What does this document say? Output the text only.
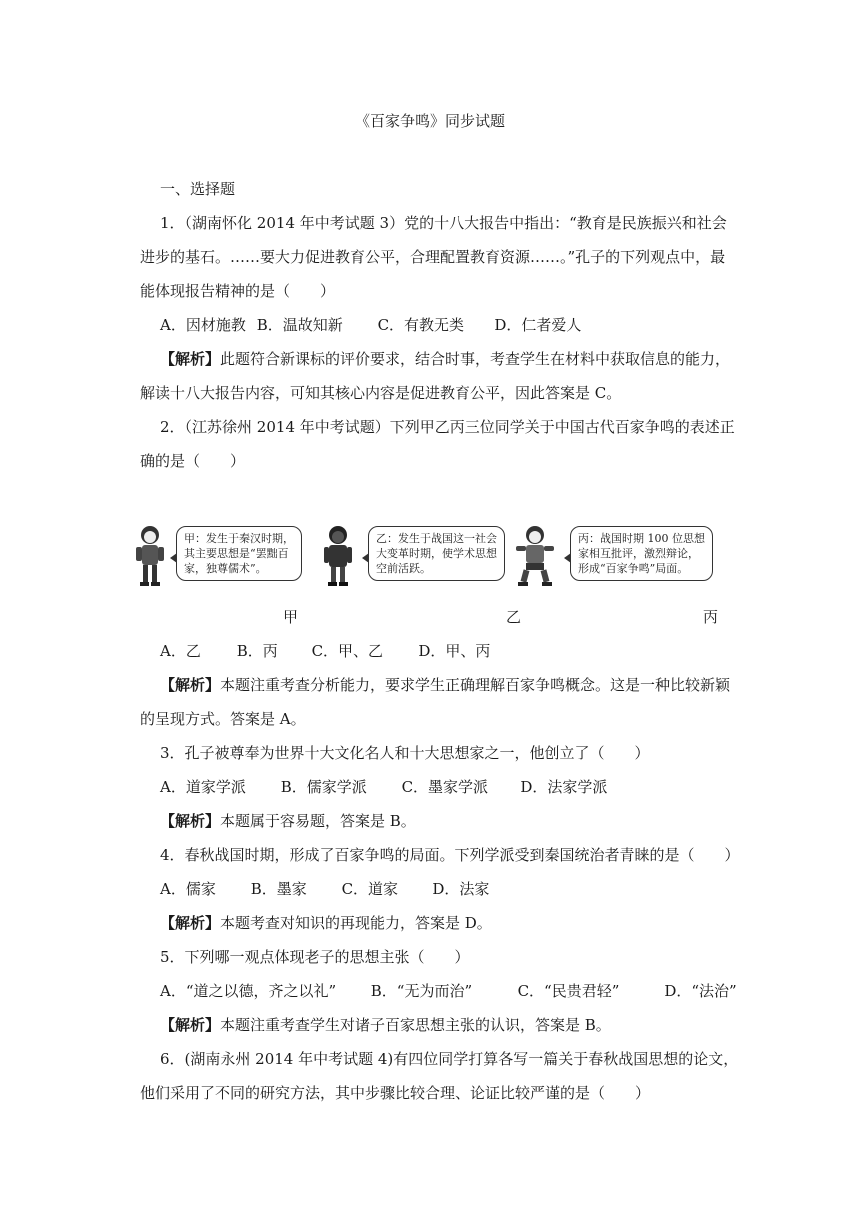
《百家争鸣》同步试题
一、选择题
1．（湖南怀化 2014 年中考试题 3）党的十八大报告中指出：“教育是民族振兴和社会
进步的基石。……要大力促进教育公平，合理配置教育资源……。”孔子的下列观点中，最
能体现报告精神的是（　　）
A．因材施教 B．温故知新 C．有教无类 D．仁者爱人
【解析】此题符合新课标的评价要求，结合时事，考查学生在材料中获取信息的能力，
解读十八大报告内容，可知其核心内容是促进教育公平，因此答案是 C。
2．（江苏徐州 2014 年中考试题）下列甲乙丙三位同学关于中国古代百家争鸣的表述正
确的是（　　）
甲：发生于秦汉时期，
其主要思想是“罢黜百
家，独尊儒术”。
乙：发生于战国这一社会
大变革时期，使学术思想
空前活跃。
丙：战国时期 100 位思想
家相互批评，激烈辩论，
形成“百家争鸣”局面。
甲	乙	丙
A．乙 B．丙 C．甲、乙 D．甲、丙
【解析】本题注重考查分析能力，要求学生正确理解百家争鸣概念。这是一种比较新颖
的呈现方式。答案是 A。
3．孔子被尊奉为世界十大文化名人和十大思想家之一，他创立了（　　）
A．道家学派 B．儒家学派 C．墨家学派 D．法家学派
【解析】本题属于容易题，答案是 B。
4．春秋战国时期，形成了百家争鸣的局面。下列学派受到秦国统治者青睐的是（　　）
A．儒家 B．墨家 C．道家 D．法家
【解析】本题考查对知识的再现能力，答案是 D。
5．下列哪一观点体现老子的思想主张（　　）
A．“道之以德，齐之以礼” B．“无为而治”	C．“民贵君轻”	D．“法治”
【解析】本题注重考查学生对诸子百家思想主张的认识，答案是 B。
6．(湖南永州 2014 年中考试题 4)有四位同学打算各写一篇关于春秋战国思想的论文，
他们采用了不同的研究方法，其中步骤比较合理、论证比较严谨的是（　　）
